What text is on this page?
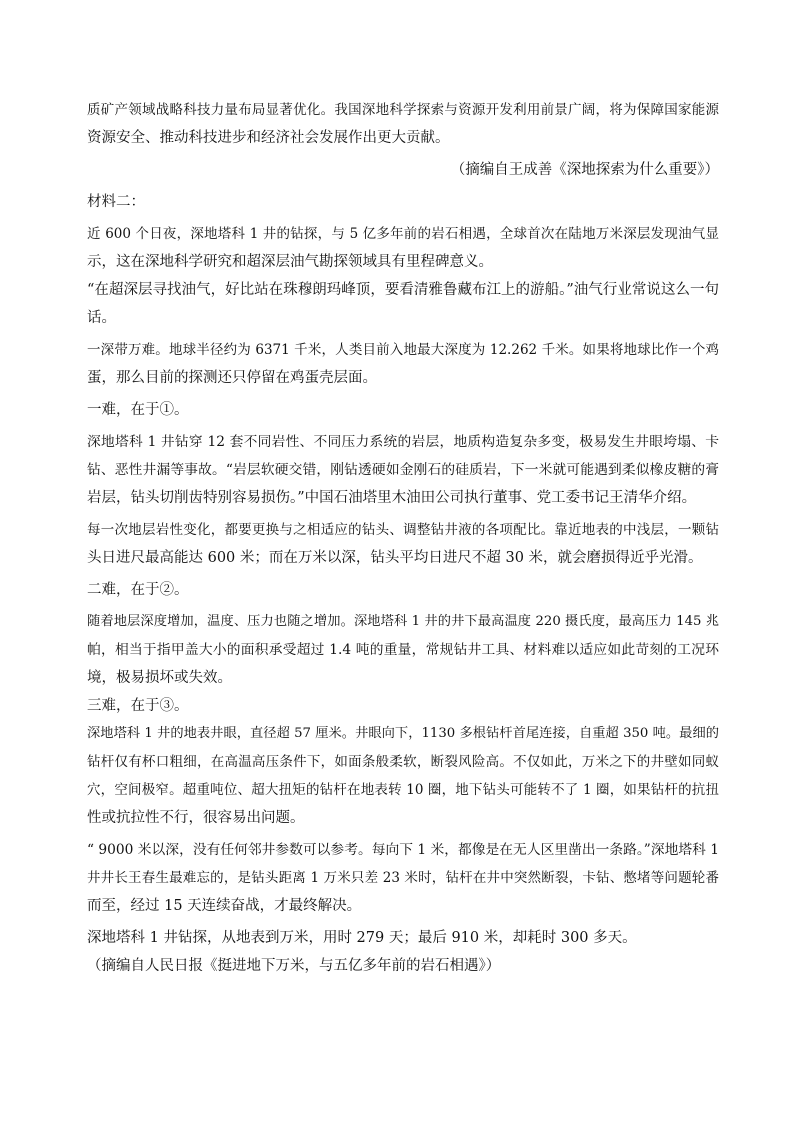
质矿产领域战略科技力量布局显著优化。我国深地科学探索与资源开发利用前景广阔，将为保障国家能源
资源安全、推动科技进步和经济社会发展作出更大贡献。
（摘编自王成善《深地探索为什么重要》）
材料二：
近 600 个日夜，深地塔科 1 井的钻探，与 5 亿多年前的岩石相遇，全球首次在陆地万米深层发现油气显
示，这在深地科学研究和超深层油气勘探领域具有里程碑意义。
“在超深层寻找油气，好比站在珠穆朗玛峰顶，要看清雅鲁藏布江上的游船。”油气行业常说这么一句
话。
一深带万难。地球半径约为 6371 千米，人类目前入地最大深度为 12.262 千米。如果将地球比作一个鸡
蛋，那么目前的探测还只停留在鸡蛋壳层面。
一难，在于①。
深地塔科 1 井钻穿 12 套不同岩性、不同压力系统的岩层，地质构造复杂多变，极易发生井眼垮塌、卡
钻、恶性井漏等事故。“岩层软硬交错，刚钻透硬如金刚石的硅质岩，下一米就可能遇到柔似橡皮糖的膏
岩层，钻头切削齿特别容易损伤。”中国石油塔里木油田公司执行董事、党工委书记王清华介绍。
每一次地层岩性变化，都要更换与之相适应的钻头、调整钻井液的各项配比。靠近地表的中浅层，一颗钻
头日进尺最高能达 600 米；而在万米以深，钻头平均日进尺不超 30 米，就会磨损得近乎光滑。
二难，在于②。
随着地层深度增加，温度、压力也随之增加。深地塔科 1 井的井下最高温度 220 摄氏度，最高压力 145 兆
帕，相当于指甲盖大小的面积承受超过 1.4 吨的重量，常规钻井工具、材料难以适应如此苛刻的工况环
境，极易损坏或失效。
三难，在于③。
深地塔科 1 井的地表井眼，直径超 57 厘米。井眼向下，1130 多根钻杆首尾连接，自重超 350 吨。最细的
钻杆仅有杯口粗细，在高温高压条件下，如面条般柔软，断裂风险高。不仅如此，万米之下的井壁如同蚁
穴，空间极窄。超重吨位、超大扭矩的钻杆在地表转 10 圈，地下钻头可能转不了 1 圈，如果钻杆的抗扭
性或抗拉性不行，很容易出问题。
“ 9000 米以深，没有任何邻井参数可以参考。每向下 1 米，都像是在无人区里凿出一条路。”深地塔科 1
井井长王春生最难忘的，是钻头距离 1 万米只差 23 米时，钻杆在井中突然断裂，卡钻、憋堵等问题轮番
而至，经过 15 天连续奋战，才最终解决。
深地塔科 1 井钻探，从地表到万米，用时 279 天；最后 910 米，却耗时 300 多天。
（摘编自人民日报《挺进地下万米，与五亿多年前的岩石相遇》）
